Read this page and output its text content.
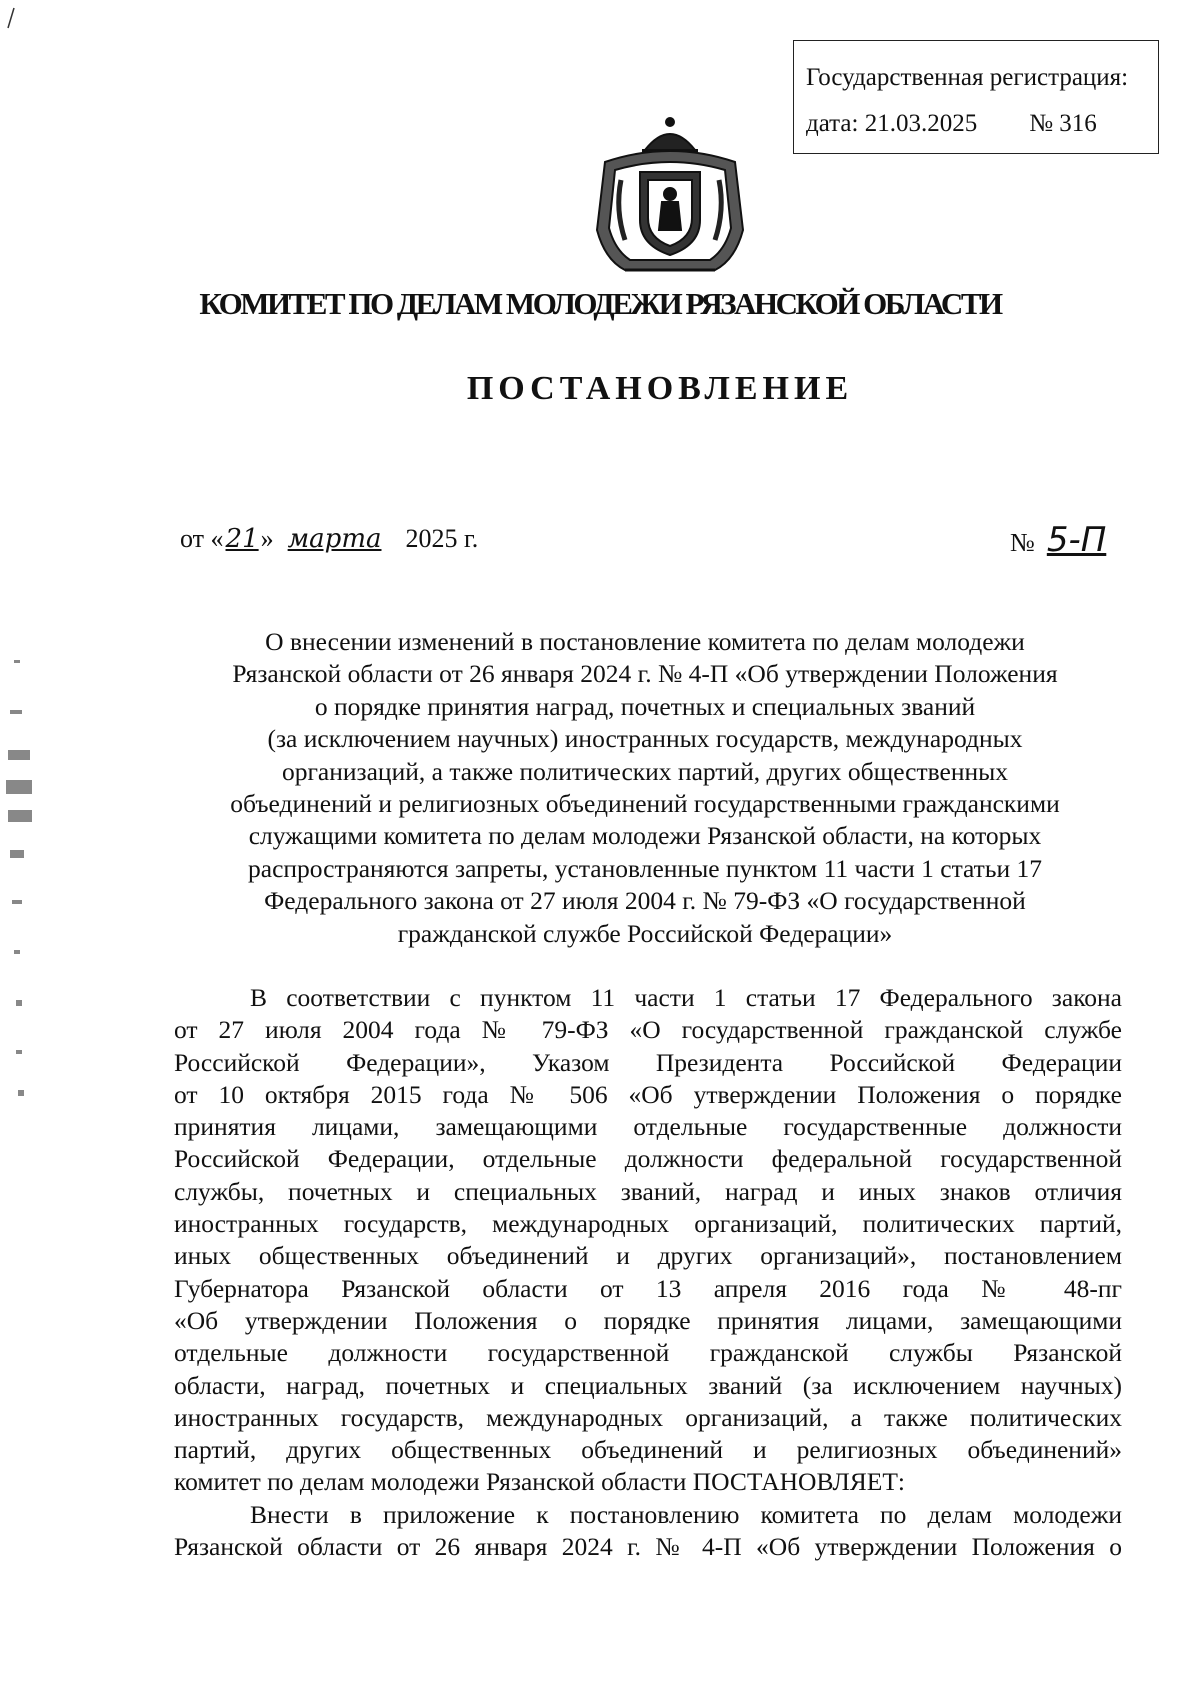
Государственная регистрация:
дата: 21.03.2025 № 316
КОМИТЕТ ПО ДЕЛАМ МОЛОДЕЖИ РЯЗАНСКОЙ ОБЛАСТИ
ПОСТАНОВЛЕНИЕ
от « 21 » марта 2025 г.	№ 5-П
О внесении изменений в постановление комитета по делам молодежи
Рязанской области от 26 января 2024 г. № 4-П «Об утверждении Положения
о порядке принятия наград, почетных и специальных званий
(за исключением научных) иностранных государств, международных
организаций, а также политических партий, других общественных
объединений и религиозных объединений государственными гражданскими
служащими комитета по делам молодежи Рязанской области, на которых
распространяются запреты, установленные пунктом 11 части 1 статьи 17
Федерального закона от 27 июля 2004 г. № 79-ФЗ «О государственной
гражданской службе Российской Федерации»
В соответствии с пунктом 11 части 1 статьи 17 Федерального закона
от 27 июля 2004 года № 79-ФЗ «О государственной гражданской службе
Российской Федерации», Указом Президента Российской Федерации
от 10 октября 2015 года № 506 «Об утверждении Положения о порядке
принятия лицами, замещающими отдельные государственные должности
Российской Федерации, отдельные должности федеральной государственной
службы, почетных и специальных званий, наград и иных знаков отличия
иностранных государств, международных организаций, политических партий,
иных общественных объединений и других организаций», постановлением
Губернатора Рязанской области от 13 апреля 2016 года № 48-пг
«Об утверждении Положения о порядке принятия лицами, замещающими
отдельные должности государственной гражданской службы Рязанской
области, наград, почетных и специальных званий (за исключением научных)
иностранных государств, международных организаций, а также политических
партий, других общественных объединений и религиозных объединений»
комитет по делам молодежи Рязанской области ПОСТАНОВЛЯЕТ:
Внести в приложение к постановлению комитета по делам молодежи
Рязанской области от 26 января 2024 г. № 4-П «Об утверждении Положения о
